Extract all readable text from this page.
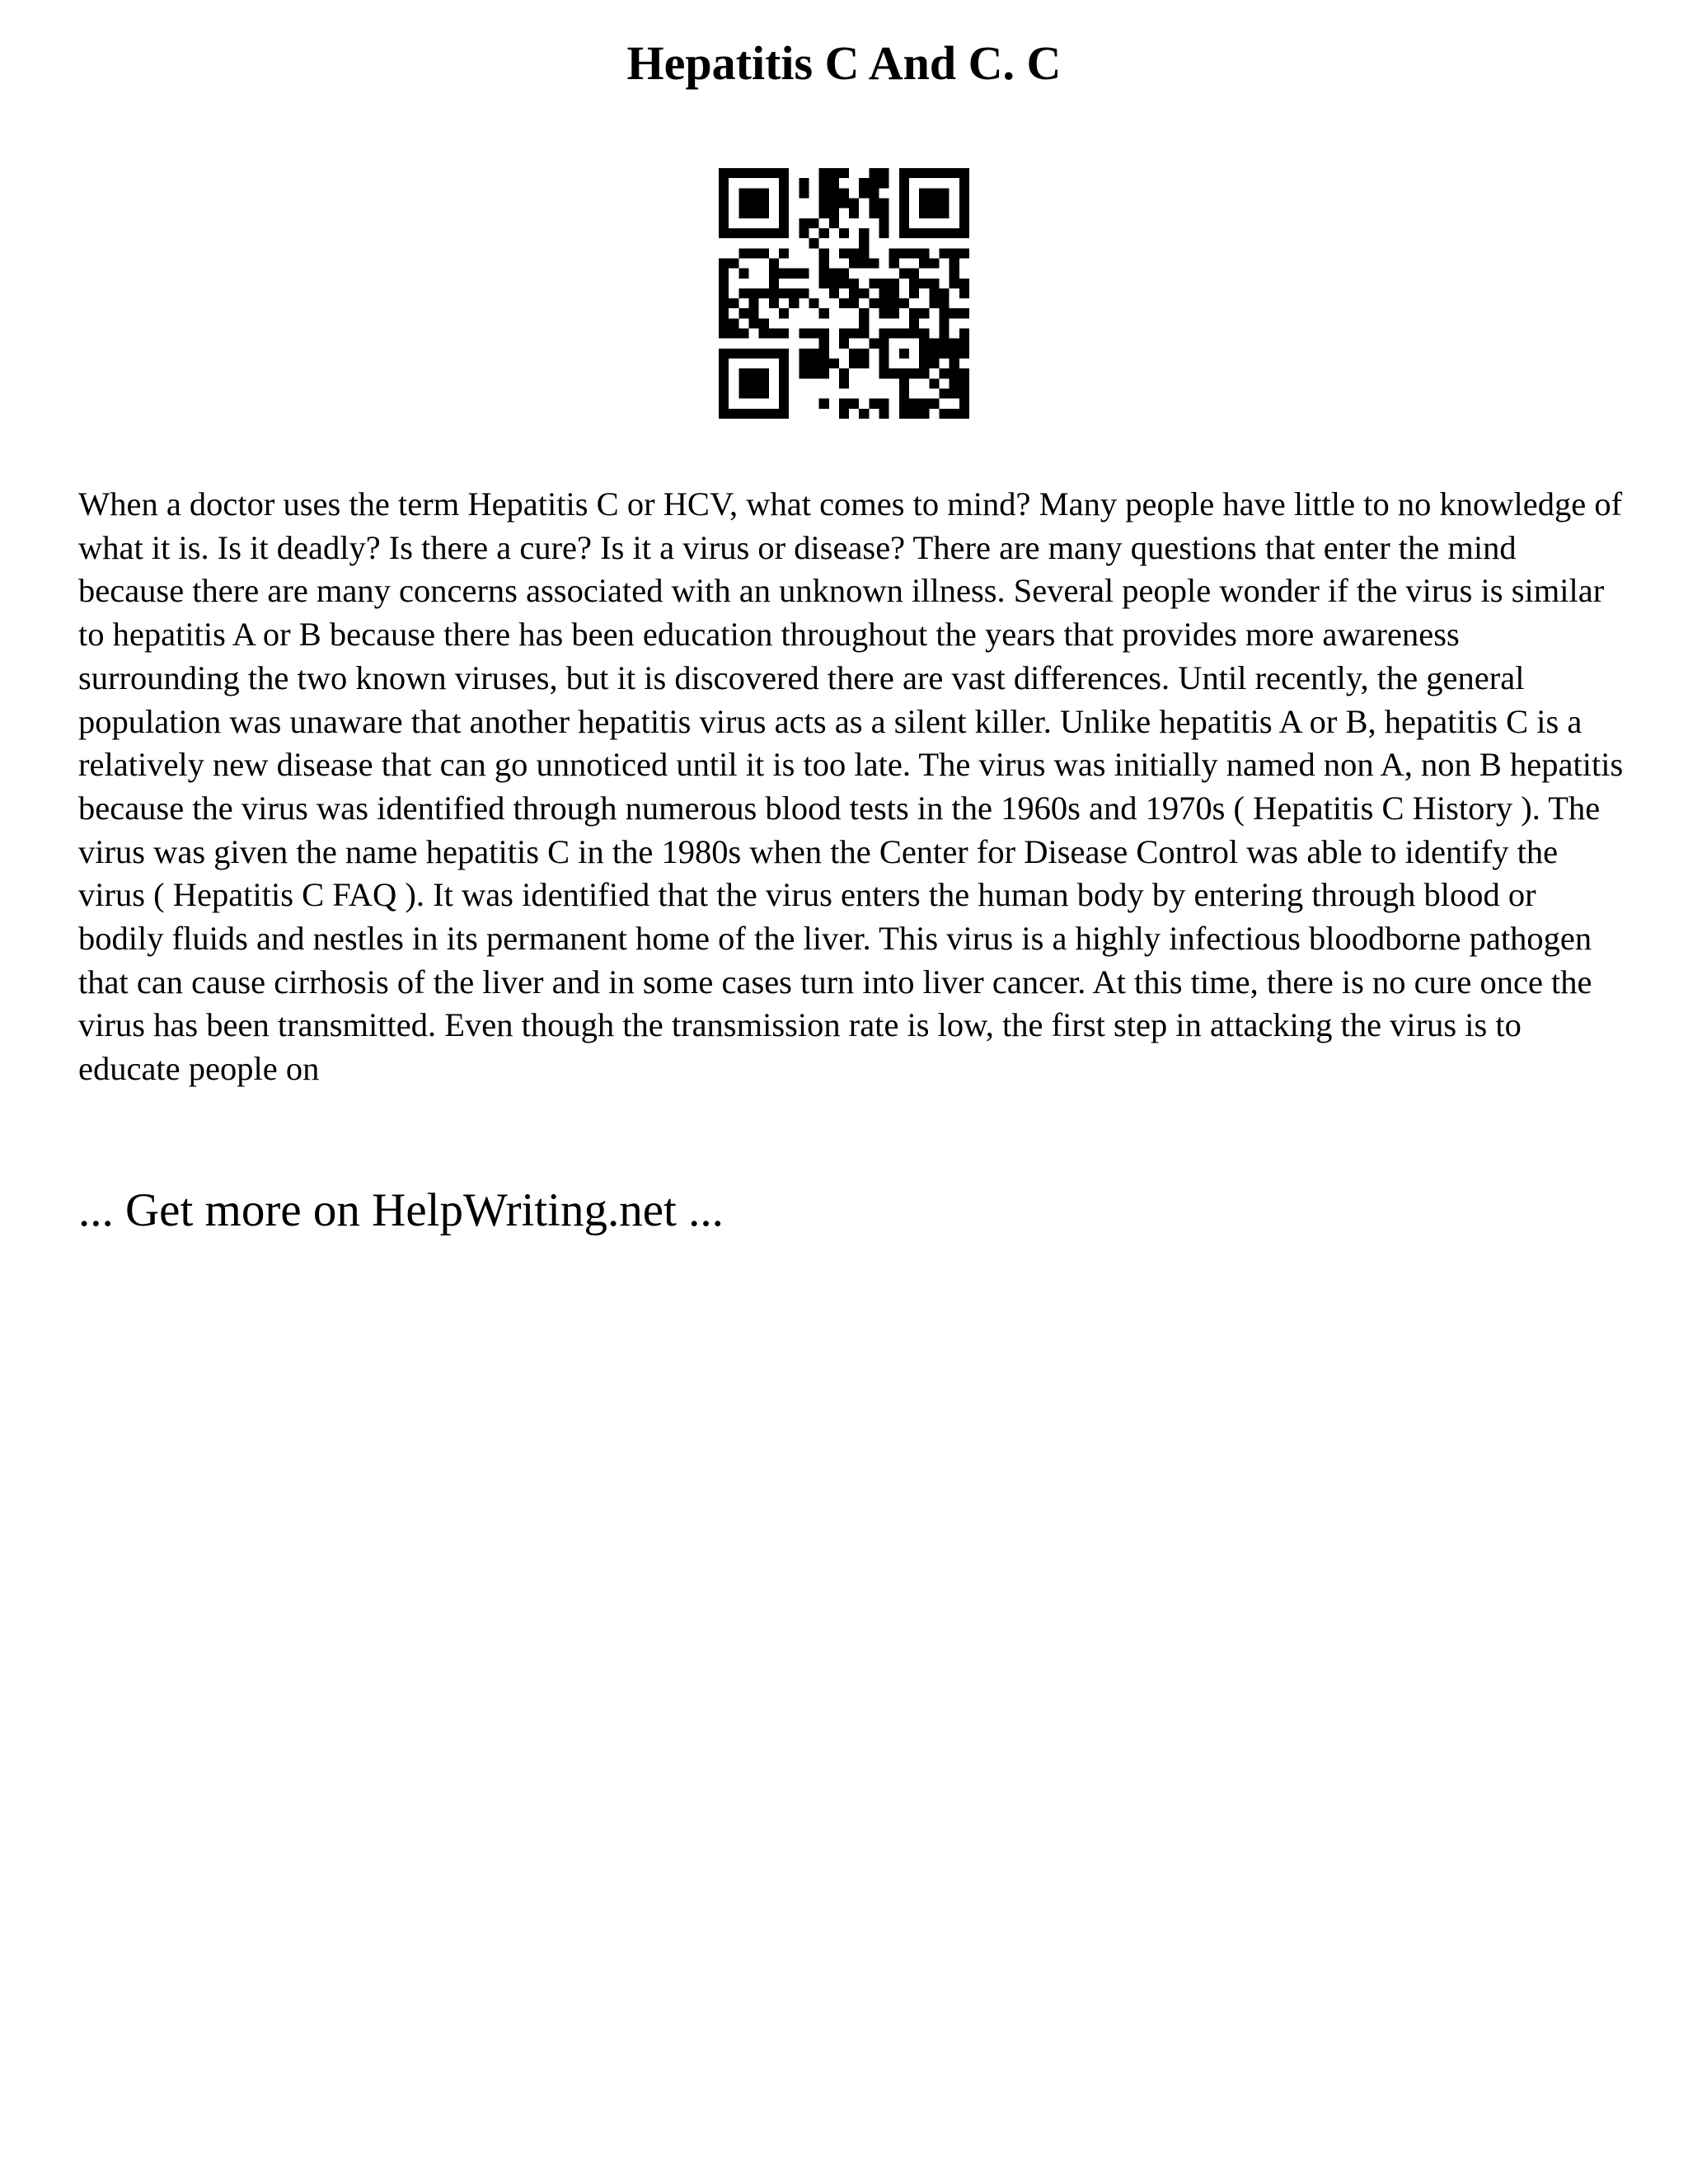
Hepatitis C And C. C

When a doctor uses the term Hepatitis C or HCV, what comes to mind? Many people have little to no knowledge of what it is. Is it deadly? Is there a cure? Is it a virus or disease? There are many questions that enter the mind because there are many concerns associated with an unknown illness. Several people wonder if the virus is similar to hepatitis A or B because there has been education throughout the years that provides more awareness surrounding the two known viruses, but it is discovered there are vast differences. Until recently, the general population was unaware that another hepatitis virus acts as a silent killer. Unlike hepatitis A or B, hepatitis C is a relatively new disease that can go unnoticed until it is too late. The virus was initially named non A, non B hepatitis because the virus was identified through numerous blood tests in the 1960s and 1970s ( Hepatitis C History ). The virus was given the name hepatitis C in the 1980s when the Center for Disease Control was able to identify the virus ( Hepatitis C FAQ ). It was identified that the virus enters the human body by entering through blood or bodily fluids and nestles in its permanent home of the liver. This virus is a highly infectious bloodborne pathogen that can cause cirrhosis of the liver and in some cases turn into liver cancer. At this time, there is no cure once the virus has been transmitted. Even though the transmission rate is low, the first step in attacking the virus is to educate people on

... Get more on HelpWriting.net ...
